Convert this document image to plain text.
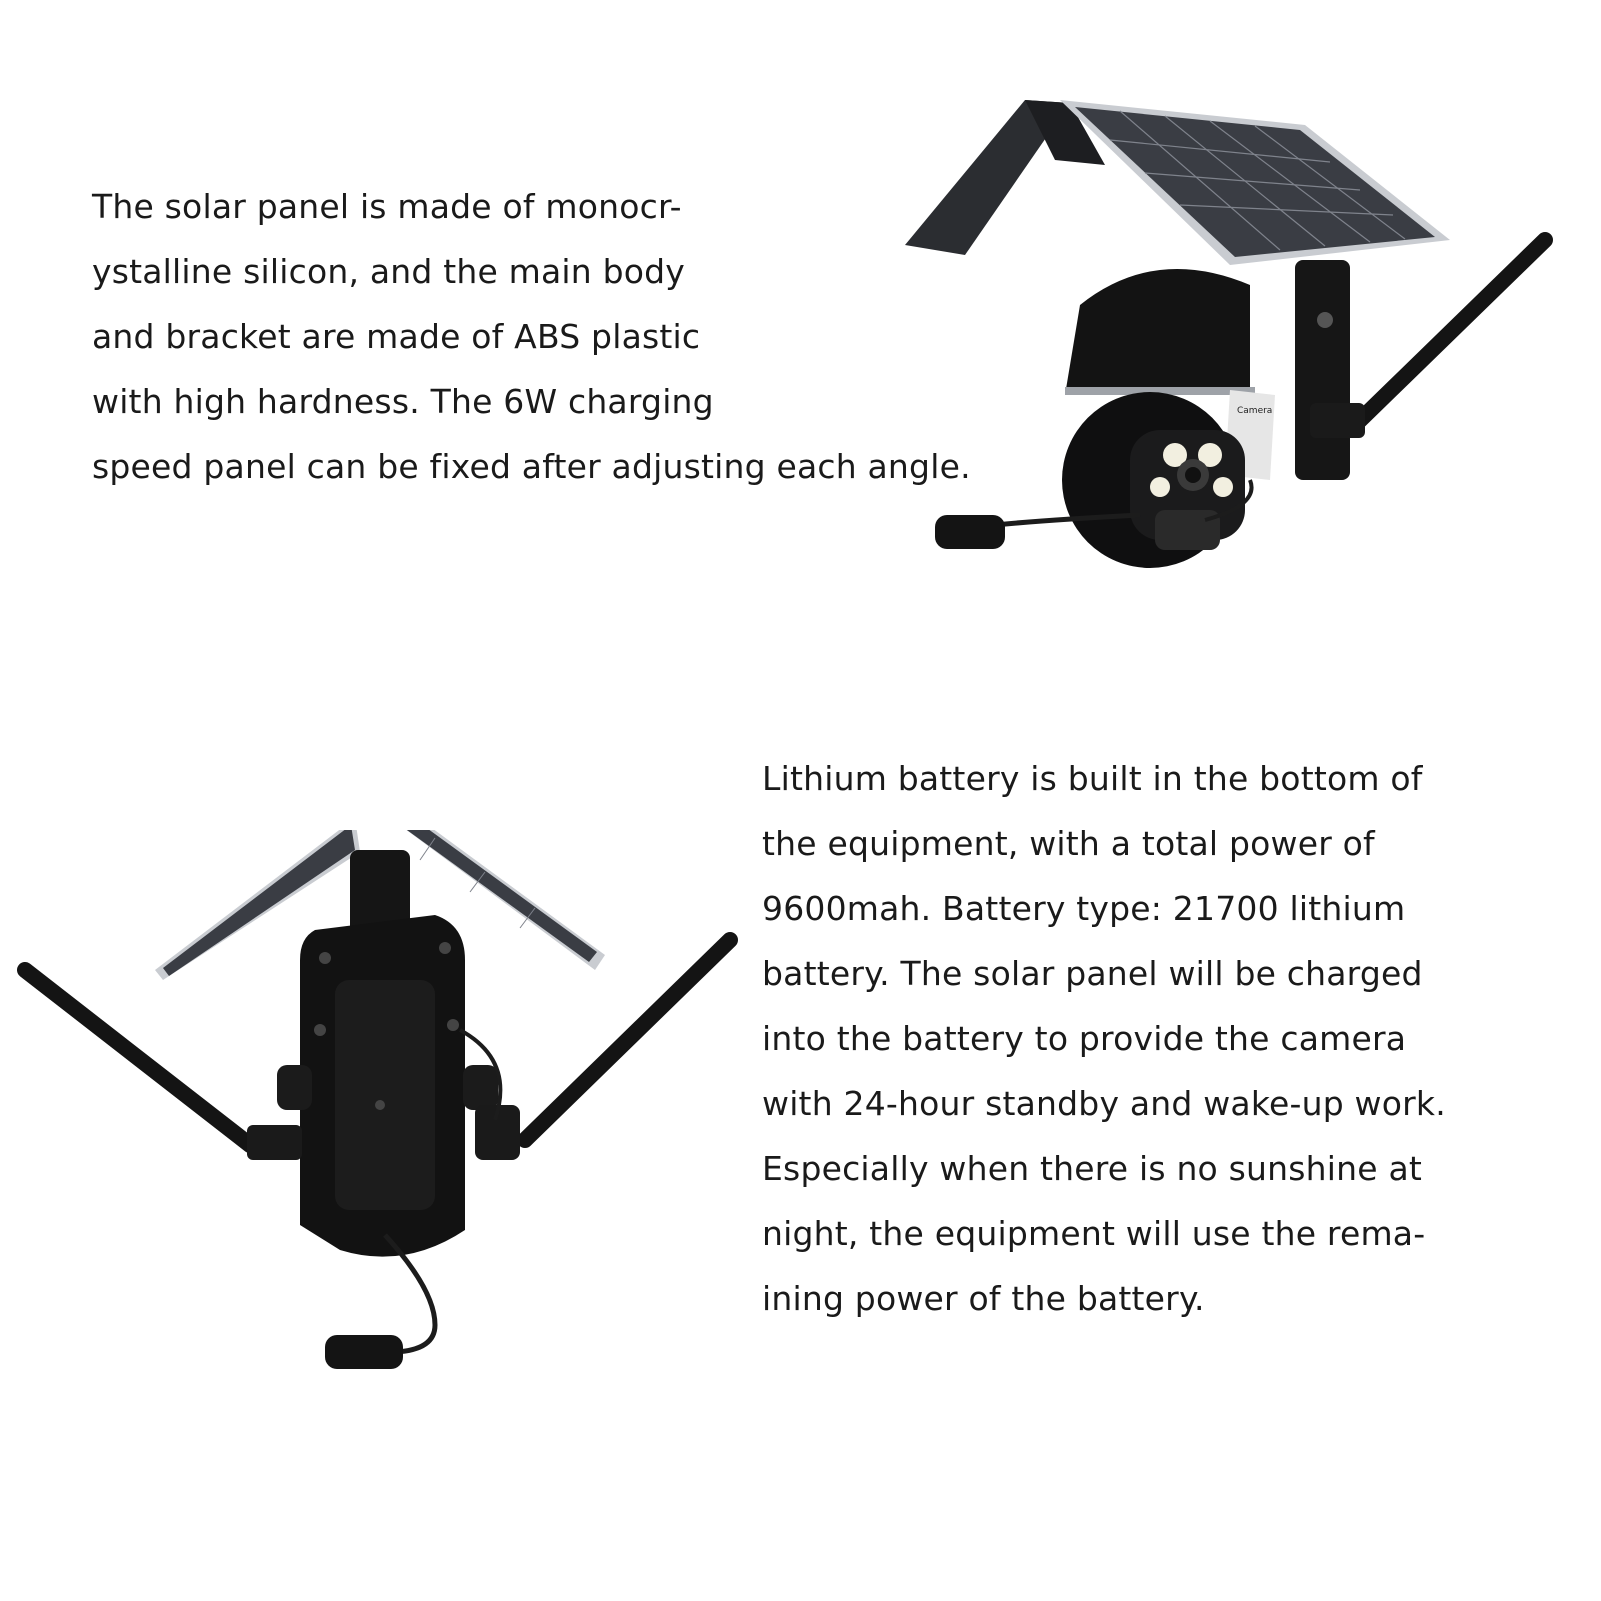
The solar panel is made of monocr-
ystalline silicon, and the main body
and bracket are made of ABS plastic
with high hardness. The 6W charging
speed panel can be fixed after adjusting each angle.
Camera
Lithium battery is built in the bottom of
the equipment, with a total power of
9600mah. Battery type: 21700 lithium
battery. The solar panel will be charged
into the battery to provide the camera
with 24-hour standby and wake-up work.
Especially when there is no sunshine at
night, the equipment will use the rema-
ining power of the battery.
